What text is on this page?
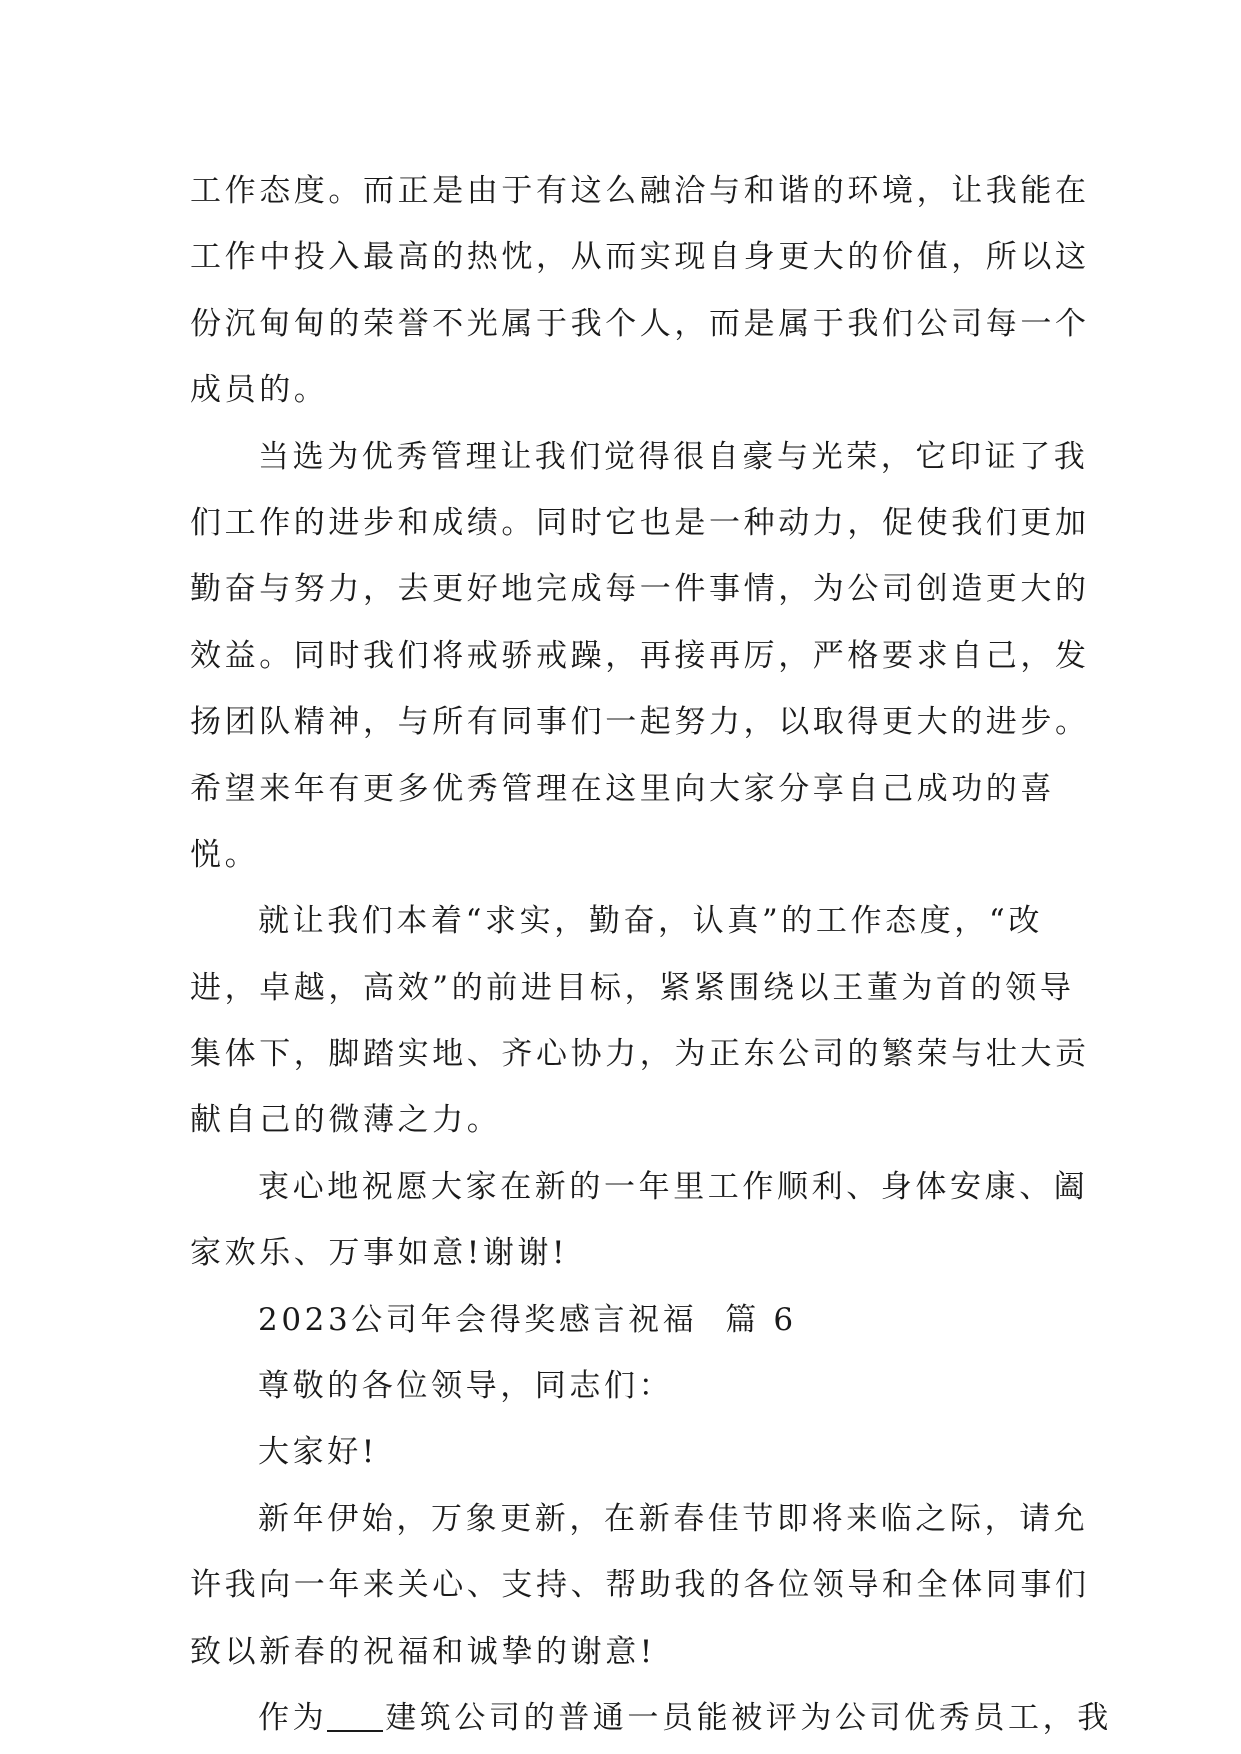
工作态度。而正是由于有这么融洽与和谐的环境，让我能在
工作中投入最高的热忱，从而实现自身更大的价值，所以这
份沉甸甸的荣誉不光属于我个人，而是属于我们公司每一个
成员的。
当选为优秀管理让我们觉得很自豪与光荣，它印证了我
们工作的进步和成绩。同时它也是一种动力，促使我们更加
勤奋与努力，去更好地完成每一件事情，为公司创造更大的
效益。同时我们将戒骄戒躁，再接再厉，严格要求自己，发
扬团队精神，与所有同事们一起努力，以取得更大的进步。
希望来年有更多优秀管理在这里向大家分享自己成功的喜
悦。
就让我们本着“求实，勤奋，认真”的工作态度，“改
进，卓越，高效”的前进目标，紧紧围绕以王董为首的领导
集体下，脚踏实地、齐心协力，为正东公司的繁荣与壮大贡
献自己的微薄之力。
衷心地祝愿大家在新的一年里工作顺利、身体安康、阖
家欢乐、万事如意!谢谢!
2023公司年会得奖感言祝福 篇 6
尊敬的各位领导，同志们：
大家好!
新年伊始，万象更新，在新春佳节即将来临之际，请允
许我向一年来关心、支持、帮助我的各位领导和全体同事们
致以新春的祝福和诚挚的谢意!
作为 建筑公司的普通一员能被评为公司优秀员工，我
